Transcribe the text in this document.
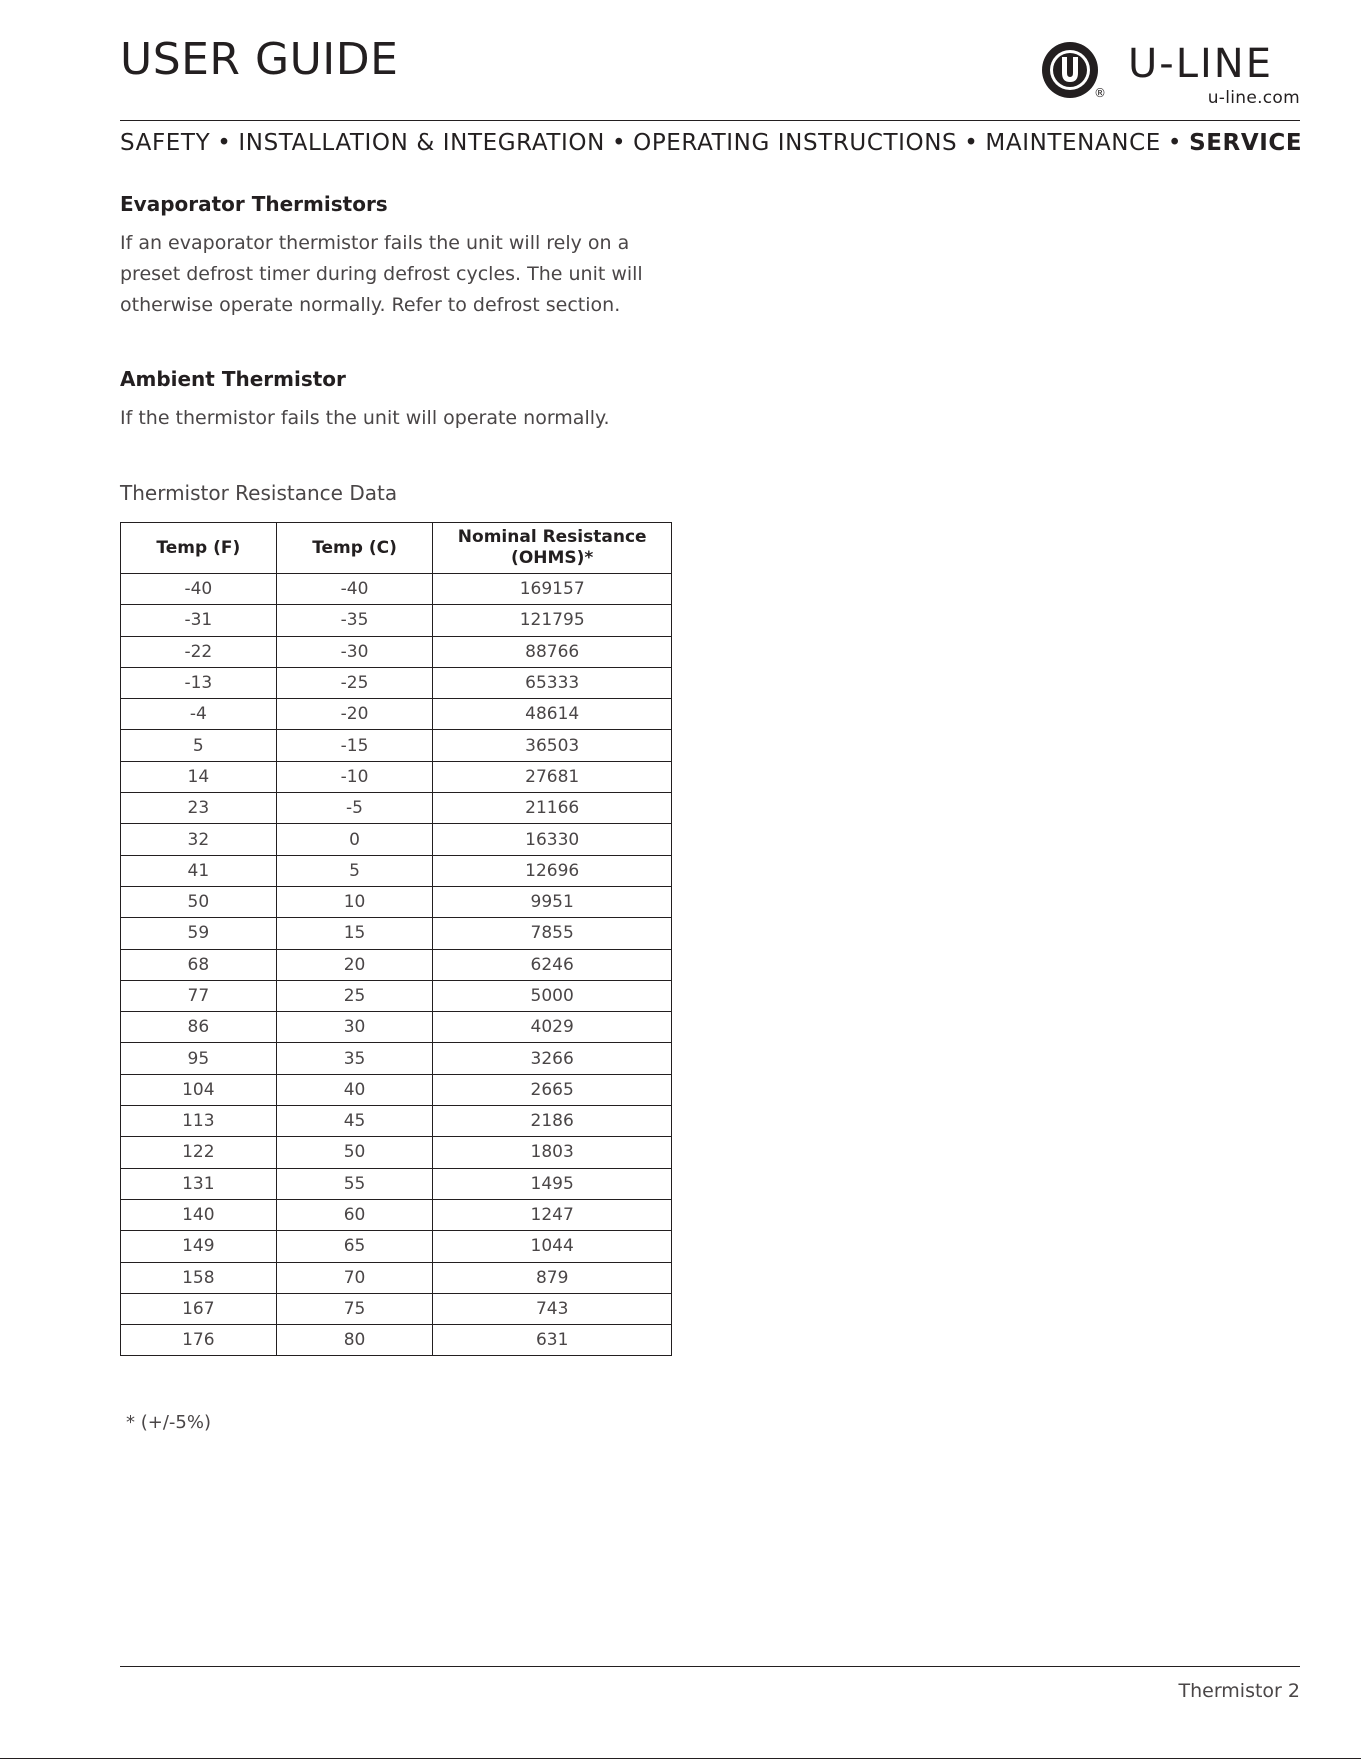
USER GUIDE
®
U-LINE
u-line.com
SAFETY • INSTALLATION & INTEGRATION • OPERATING INSTRUCTIONS • MAINTENANCE • SERVICE
Evaporator Thermistors

If an evaporator thermistor fails the unit will rely on a preset defrost timer during defrost cycles. The unit will otherwise operate normally. Refer to defrost section.

Ambient Thermistor

If the thermistor fails the unit will operate normally.

Thermistor Resistance Data
Temp (F)	Temp (C)	Nominal Resistance (OHMS)*
-40	-40	169157
-31	-35	121795
-22	-30	88766
-13	-25	65333
-4	-20	48614
5	-15	36503
14	-10	27681
23	-5	21166
32	0	16330
41	5	12696
50	10	9951
59	15	7855
68	20	6246
77	25	5000
86	30	4029
95	35	3266
104	40	2665
113	45	2186
122	50	1803
131	55	1495
140	60	1247
149	65	1044
158	70	879
167	75	743
176	80	631
* (+/-5%)
Thermistor 2
